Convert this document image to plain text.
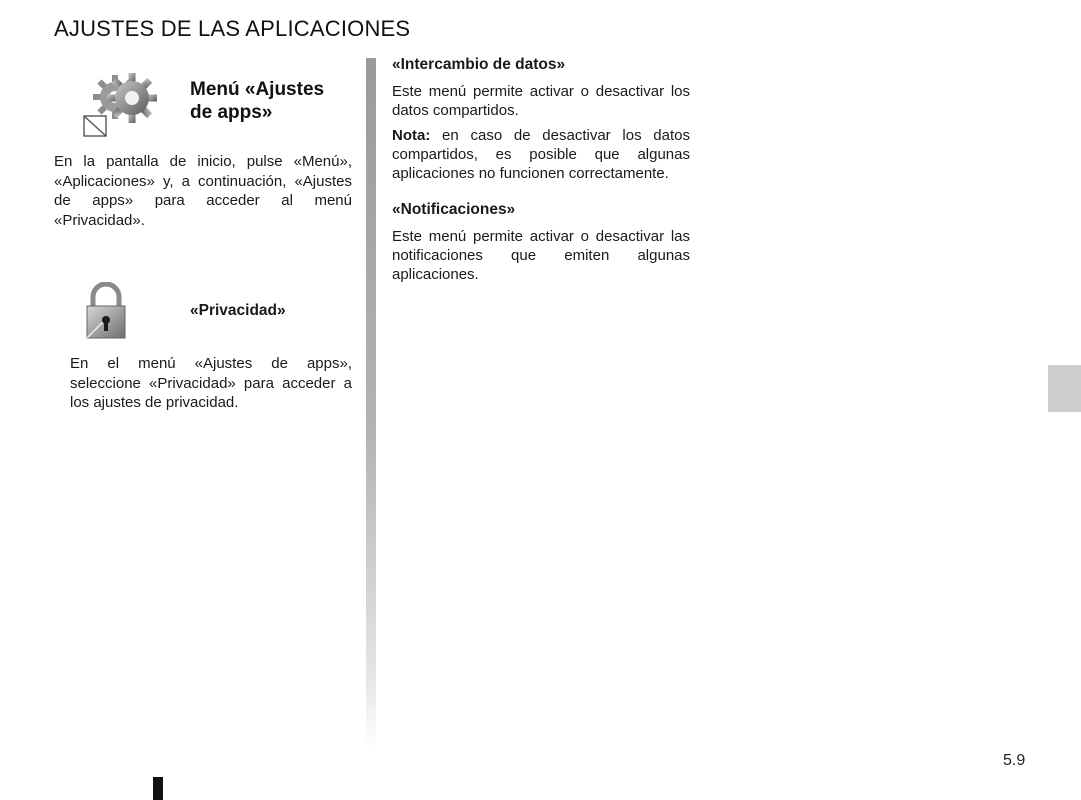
AJUSTES DE LAS APLICACIONES
Menú «Ajustes
de apps»
En la pantalla de inicio, pulse «Menú», «Aplicaciones» y, a continuación, «Ajustes de apps» para acceder al menú «Privacidad».
«Privacidad»
En el menú «Ajustes de apps», seleccione «Privacidad» para acceder a los ajustes de privacidad.
«Intercambio de datos»
Este menú permite activar o desactivar los datos compartidos.
Nota: en caso de desactivar los datos compartidos, es posible que algunas aplicaciones no funcionen correctamente.
«Notificaciones»
Este menú permite activar o desactivar las notificaciones que emiten algunas aplicaciones.
5.9
